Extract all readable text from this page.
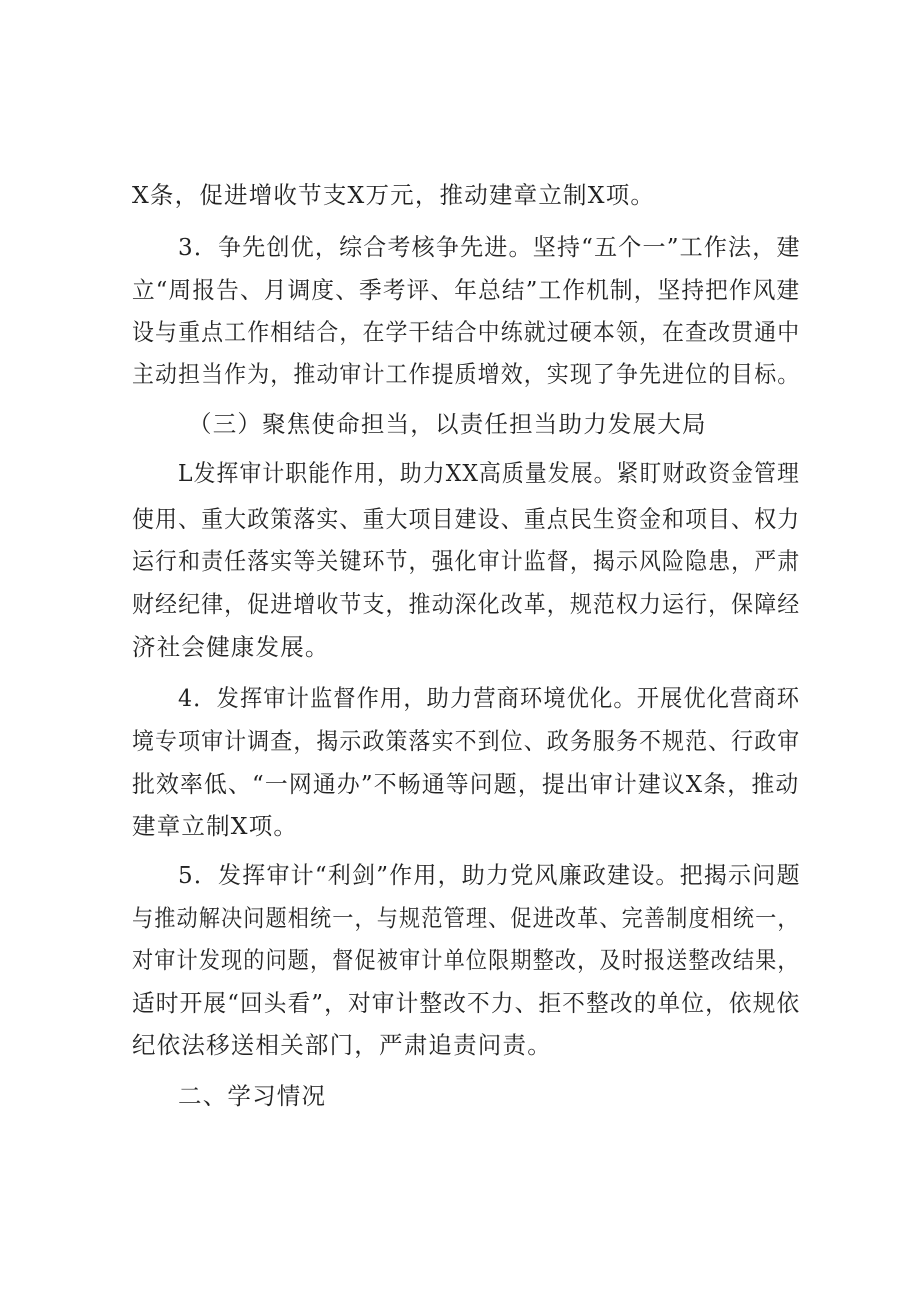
X条，促进增收节支X万元，推动建章立制X项。

3．争先创优，综合考核争先进。坚持“五个一”工作法，建

立“周报告、月调度、季考评、年总结”工作机制，坚持把作风建

设与重点工作相结合，在学干结合中练就过硬本领，在查改贯通中

主动担当作为，推动审计工作提质增效，实现了争先进位的目标。

（三）聚焦使命担当，以责任担当助力发展大局

L发挥审计职能作用，助力XX高质量发展。紧盯财政资金管理

使用、重大政策落实、重大项目建设、重点民生资金和项目、权力

运行和责任落实等关键环节，强化审计监督，揭示风险隐患，严肃

财经纪律，促进增收节支，推动深化改革，规范权力运行，保障经

济社会健康发展。

4．发挥审计监督作用，助力营商环境优化。开展优化营商环

境专项审计调查，揭示政策落实不到位、政务服务不规范、行政审

批效率低、“一网通办”不畅通等问题，提出审计建议X条，推动

建章立制X项。

5．发挥审计“利剑”作用，助力党风廉政建设。把揭示问题

与推动解决问题相统一，与规范管理、促进改革、完善制度相统一，

对审计发现的问题，督促被审计单位限期整改，及时报送整改结果，

适时开展“回头看”，对审计整改不力、拒不整改的单位，依规依

纪依法移送相关部门，严肃追责问责。

二、学习情况
